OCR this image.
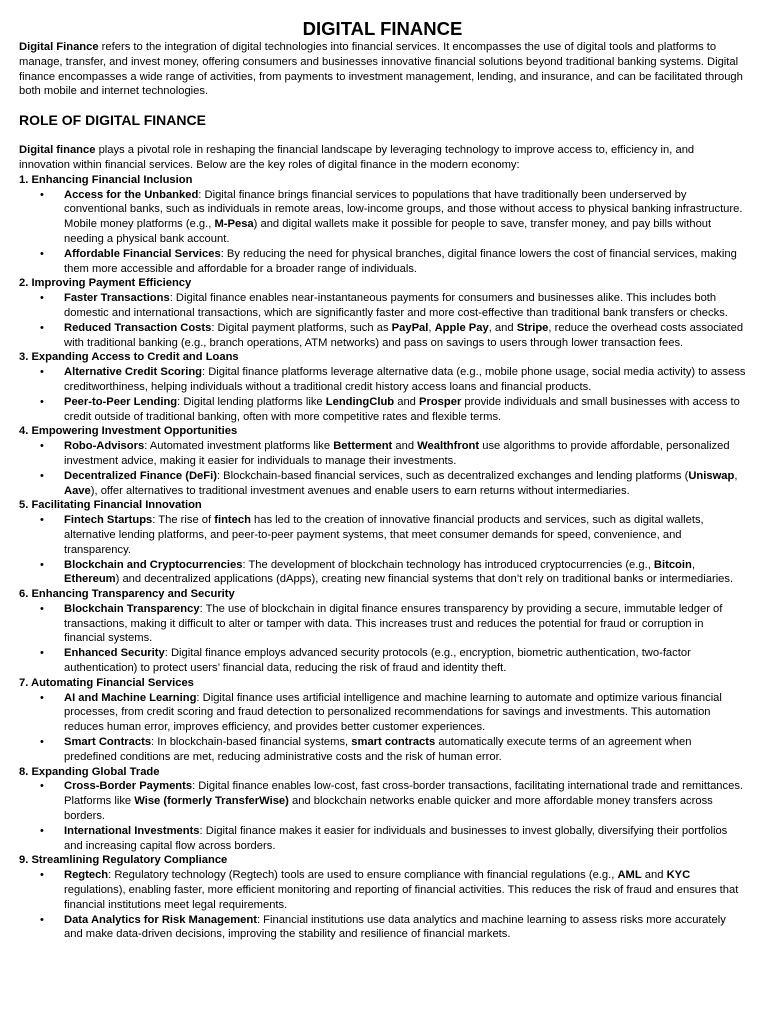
DIGITAL FINANCE

Digital Finance refers to the integration of digital technologies into financial services. It encompasses the use of digital tools and platforms to manage, transfer, and invest money, offering consumers and businesses innovative financial solutions beyond traditional banking systems. Digital finance encompasses a wide range of activities, from payments to investment management, lending, and insurance, and can be facilitated through both mobile and internet technologies.

ROLE OF DIGITAL FINANCE

Digital finance plays a pivotal role in reshaping the financial landscape by leveraging technology to improve access to, efficiency in, and innovation within financial services. Below are the key roles of digital finance in the modern economy:

1. Enhancing Financial Inclusion
• Access for the Unbanked: Digital finance brings financial services to populations that have traditionally been underserved by conventional banks, such as individuals in remote areas, low-income groups, and those without access to physical banking infrastructure. Mobile money platforms (e.g., M-Pesa) and digital wallets make it possible for people to save, transfer money, and pay bills without needing a physical bank account.
• Affordable Financial Services: By reducing the need for physical branches, digital finance lowers the cost of financial services, making them more accessible and affordable for a broader range of individuals.
2. Improving Payment Efficiency
• Faster Transactions: Digital finance enables near-instantaneous payments for consumers and businesses alike. This includes both domestic and international transactions, which are significantly faster and more cost-effective than traditional bank transfers or checks.
• Reduced Transaction Costs: Digital payment platforms, such as PayPal, Apple Pay, and Stripe, reduce the overhead costs associated with traditional banking (e.g., branch operations, ATM networks) and pass on savings to users through lower transaction fees.
3. Expanding Access to Credit and Loans
• Alternative Credit Scoring: Digital finance platforms leverage alternative data (e.g., mobile phone usage, social media activity) to assess creditworthiness, helping individuals without a traditional credit history access loans and financial products.
• Peer-to-Peer Lending: Digital lending platforms like LendingClub and Prosper provide individuals and small businesses with access to credit outside of traditional banking, often with more competitive rates and flexible terms.
4. Empowering Investment Opportunities
• Robo-Advisors: Automated investment platforms like Betterment and Wealthfront use algorithms to provide affordable, personalized investment advice, making it easier for individuals to manage their investments.
• Decentralized Finance (DeFi): Blockchain-based financial services, such as decentralized exchanges and lending platforms (Uniswap, Aave), offer alternatives to traditional investment avenues and enable users to earn returns without intermediaries.
5. Facilitating Financial Innovation
• Fintech Startups: The rise of fintech has led to the creation of innovative financial products and services, such as digital wallets, alternative lending platforms, and peer-to-peer payment systems, that meet consumer demands for speed, convenience, and transparency.
• Blockchain and Cryptocurrencies: The development of blockchain technology has introduced cryptocurrencies (e.g., Bitcoin, Ethereum) and decentralized applications (dApps), creating new financial systems that don’t rely on traditional banks or intermediaries.
6. Enhancing Transparency and Security
• Blockchain Transparency: The use of blockchain in digital finance ensures transparency by providing a secure, immutable ledger of transactions, making it difficult to alter or tamper with data. This increases trust and reduces the potential for fraud or corruption in financial systems.
• Enhanced Security: Digital finance employs advanced security protocols (e.g., encryption, biometric authentication, two-factor authentication) to protect users’ financial data, reducing the risk of fraud and identity theft.
7. Automating Financial Services
• AI and Machine Learning: Digital finance uses artificial intelligence and machine learning to automate and optimize various financial processes, from credit scoring and fraud detection to personalized recommendations for savings and investments. This automation reduces human error, improves efficiency, and provides better customer experiences.
• Smart Contracts: In blockchain-based financial systems, smart contracts automatically execute terms of an agreement when predefined conditions are met, reducing administrative costs and the risk of human error.
8. Expanding Global Trade
• Cross-Border Payments: Digital finance enables low-cost, fast cross-border transactions, facilitating international trade and remittances. Platforms like Wise (formerly TransferWise) and blockchain networks enable quicker and more affordable money transfers across borders.
• International Investments: Digital finance makes it easier for individuals and businesses to invest globally, diversifying their portfolios and increasing capital flow across borders.
9. Streamlining Regulatory Compliance
• Regtech: Regulatory technology (Regtech) tools are used to ensure compliance with financial regulations (e.g., AML and KYC regulations), enabling faster, more efficient monitoring and reporting of financial activities. This reduces the risk of fraud and ensures that financial institutions meet legal requirements.
• Data Analytics for Risk Management: Financial institutions use data analytics and machine learning to assess risks more accurately and make data-driven decisions, improving the stability and resilience of financial markets.
